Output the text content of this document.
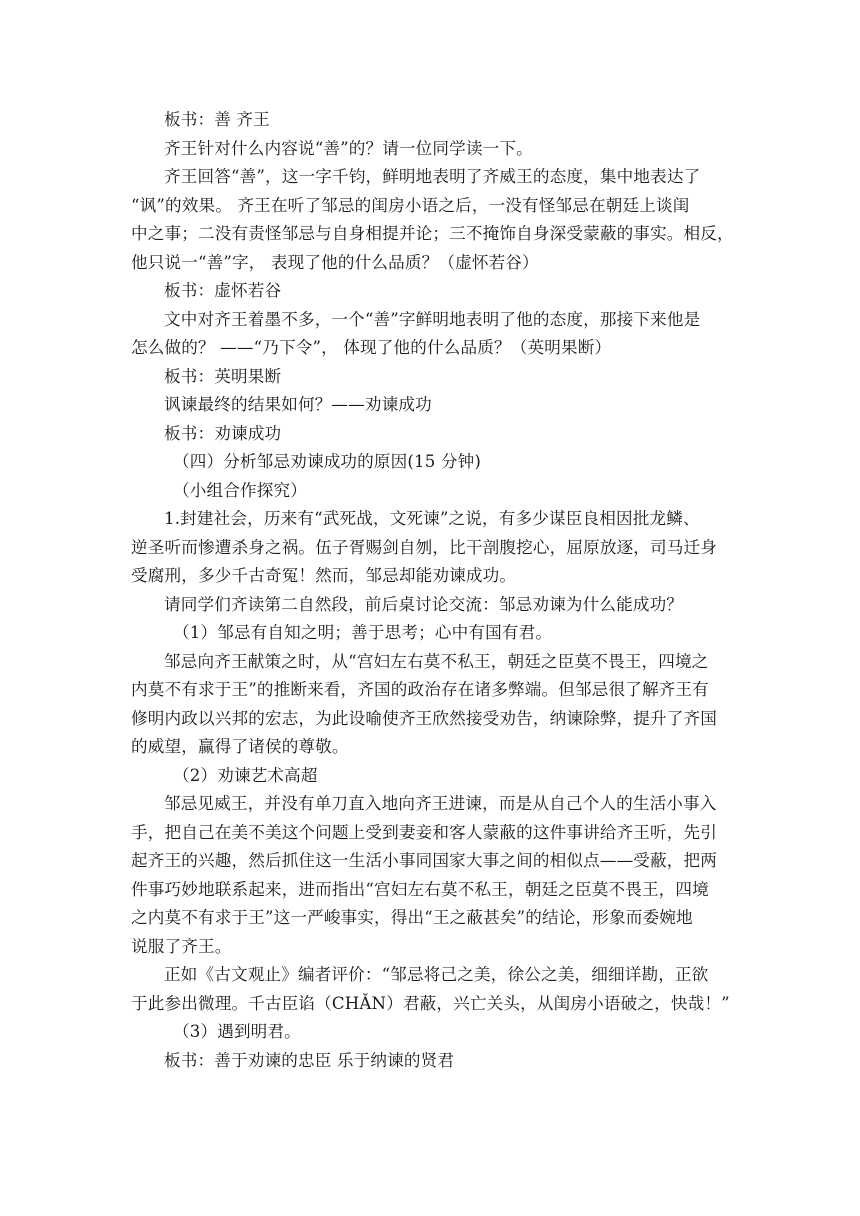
板书：善 齐王
齐王针对什么内容说“善”的？请一位同学读一下。
齐王回答“善”，这一字千钧，鲜明地表明了齐威王的态度，集中地表达了
“讽”的效果。 齐王在听了邹忌的闺房小语之后，一没有怪邹忌在朝廷上谈闺
中之事；二没有责怪邹忌与自身相提并论；三不掩饰自身深受蒙蔽的事实。相反，
他只说一“善”字， 表现了他的什么品质？（虚怀若谷）
板书：虚怀若谷
文中对齐王着墨不多，一个“善”字鲜明地表明了他的态度，那接下来他是
怎么做的？ ——“乃下令”， 体现了他的什么品质？（英明果断）
板书：英明果断
讽谏最终的结果如何？——劝谏成功
板书：劝谏成功
（四）分析邹忌劝谏成功的原因(15 分钟)
（小组合作探究）
1.封建社会，历来有“武死战，文死谏”之说，有多少谋臣良相因批龙鳞、
逆圣听而惨遭杀身之祸。伍子胥赐剑自刎，比干剖腹挖心，屈原放逐，司马迁身
受腐刑，多少千古奇冤！然而，邹忌却能劝谏成功。
请同学们齐读第二自然段，前后桌讨论交流：邹忌劝谏为什么能成功？
（1）邹忌有自知之明；善于思考；心中有国有君。
邹忌向齐王献策之时，从“宫妇左右莫不私王，朝廷之臣莫不畏王，四境之
内莫不有求于王”的推断来看，齐国的政治存在诸多弊端。但邹忌很了解齐王有
修明内政以兴邦的宏志，为此设喻使齐王欣然接受劝告，纳谏除弊，提升了齐国
的威望，赢得了诸侯的尊敬。
（2）劝谏艺术高超
邹忌见威王，并没有单刀直入地向齐王进谏，而是从自己个人的生活小事入
手，把自己在美不美这个问题上受到妻妾和客人蒙蔽的这件事讲给齐王听，先引
起齐王的兴趣，然后抓住这一生活小事同国家大事之间的相似点——受蔽，把两
件事巧妙地联系起来，进而指出“宫妇左右莫不私王，朝廷之臣莫不畏王，四境
之内莫不有求于王”这一严峻事实，得出“王之蔽甚矣”的结论，形象而委婉地
说服了齐王。
正如《古文观止》编者评价：“邹忌将己之美，徐公之美，细细详勘，正欲
于此参出微理。千古臣谄（CHǍN）君蔽，兴亡关头，从闺房小语破之，快哉！”
（3）遇到明君。
板书：善于劝谏的忠臣 乐于纳谏的贤君
